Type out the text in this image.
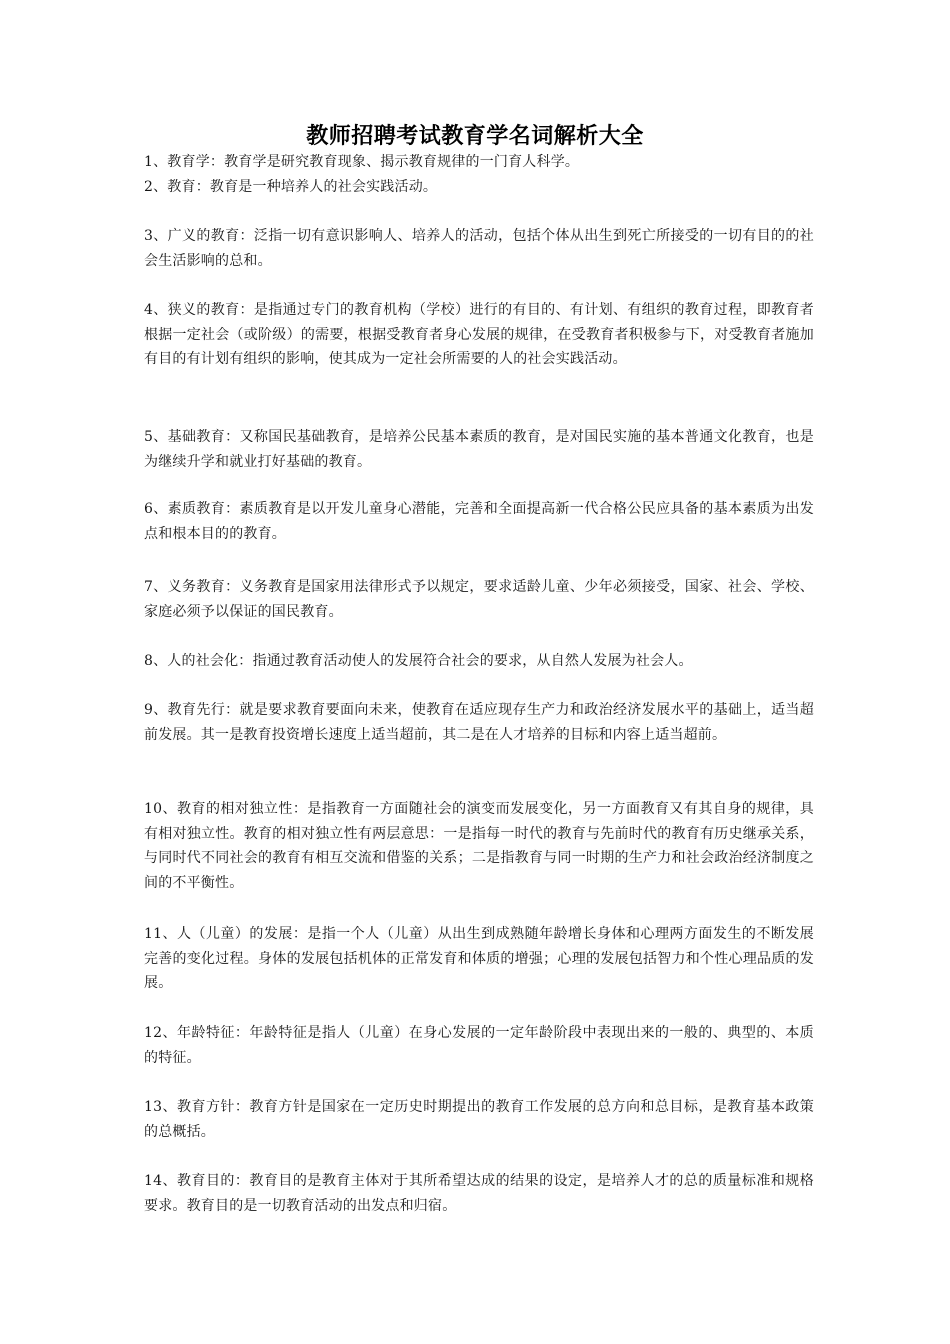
教师招聘考试教育学名词解析大全

1、教育学：教育学是研究教育现象、揭示教育规律的一门育人科学。

2、教育：教育是一种培养人的社会实践活动。

3、广义的教育：泛指一切有意识影响人、培养人的活动，包括个体从出生到死亡所接受的一切有目的的社会生活影响的总和。

4、狭义的教育：是指通过专门的教育机构（学校）进行的有目的、有计划、有组织的教育过程，即教育者根据一定社会（或阶级）的需要，根据受教育者身心发展的规律，在受教育者积极参与下，对受教育者施加有目的有计划有组织的影响，使其成为一定社会所需要的人的社会实践活动。

5、基础教育：又称国民基础教育，是培养公民基本素质的教育，是对国民实施的基本普通文化教育，也是为继续升学和就业打好基础的教育。

6、素质教育：素质教育是以开发儿童身心潜能，完善和全面提高新一代合格公民应具备的基本素质为出发点和根本目的的教育。

7、义务教育：义务教育是国家用法律形式予以规定，要求适龄儿童、少年必须接受，国家、社会、学校、家庭必须予以保证的国民教育。

8、人的社会化：指通过教育活动使人的发展符合社会的要求，从自然人发展为社会人。

9、教育先行：就是要求教育要面向未来，使教育在适应现存生产力和政治经济发展水平的基础上，适当超前发展。其一是教育投资增长速度上适当超前，其二是在人才培养的目标和内容上适当超前。

10、教育的相对独立性：是指教育一方面随社会的演变而发展变化，另一方面教育又有其自身的规律，具有相对独立性。教育的相对独立性有两层意思：一是指每一时代的教育与先前时代的教育有历史继承关系，与同时代不同社会的教育有相互交流和借鉴的关系；二是指教育与同一时期的生产力和社会政治经济制度之间的不平衡性。

11、人（儿童）的发展：是指一个人（儿童）从出生到成熟随年龄增长身体和心理两方面发生的不断发展完善的变化过程。身体的发展包括机体的正常发育和体质的增强；心理的发展包括智力和个性心理品质的发展。

12、年龄特征：年龄特征是指人（儿童）在身心发展的一定年龄阶段中表现出来的一般的、典型的、本质的特征。

13、教育方针：教育方针是国家在一定历史时期提出的教育工作发展的总方向和总目标，是教育基本政策的总概括。

14、教育目的：教育目的是教育主体对于其所希望达成的结果的设定，是培养人才的总的质量标准和规格要求。教育目的是一切教育活动的出发点和归宿。
